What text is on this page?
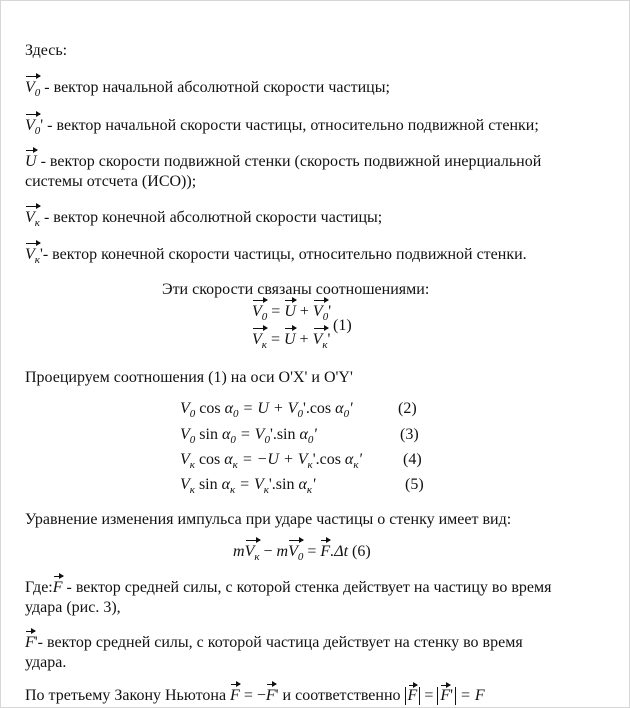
Здесь:
$V_0$ - вектор начальной абсолютной скорости частицы;
$V_0'$ - вектор начальной скорости частицы, относительно подвижной стенки;
U - вектор скорости подвижной стенки (скорость подвижной инерциальной
системы отсчета (ИСО));
$V_к$ - вектор конечной абсолютной скорости частицы;
$V_к'-$ вектор конечной скорости частицы, относительно подвижной стенки.
Эти скорости связаны соотношениями:
$V_0 = U + V_0'$
(1)
$V_к = U + V_к'$
Проецируем соотношения (1) на оси O'X' и O'Y'
$V_0$ $\cos \alpha_0 = U + V_0'.\cos$ $\alpha_0'$	(2)
$V_0$ $\sin \alpha_0 = V_0'.\sin$ $\alpha_0'$	(3)
$V_к$ $\cos \alpha_к = -U + V_к'.\cos$ $\alpha_к'$	(4)
$V_к$ $\sin \alpha_к = V_к'.\sin$ $\alpha_к'$	(5)
Уравнение изменения импульса при ударе частицы о стенку имеет вид:
$mV_к - mV_0 = F.\Delta t$ (6)
Где:F - вектор средней силы, с которой стенка действует на частицу во время
удара (рис. 3),
F'- вектор средней силы, с которой частица действует на стенку во время
удара.
По третьему Закону Ньютона F = −F' и соответственно F = F' = F
